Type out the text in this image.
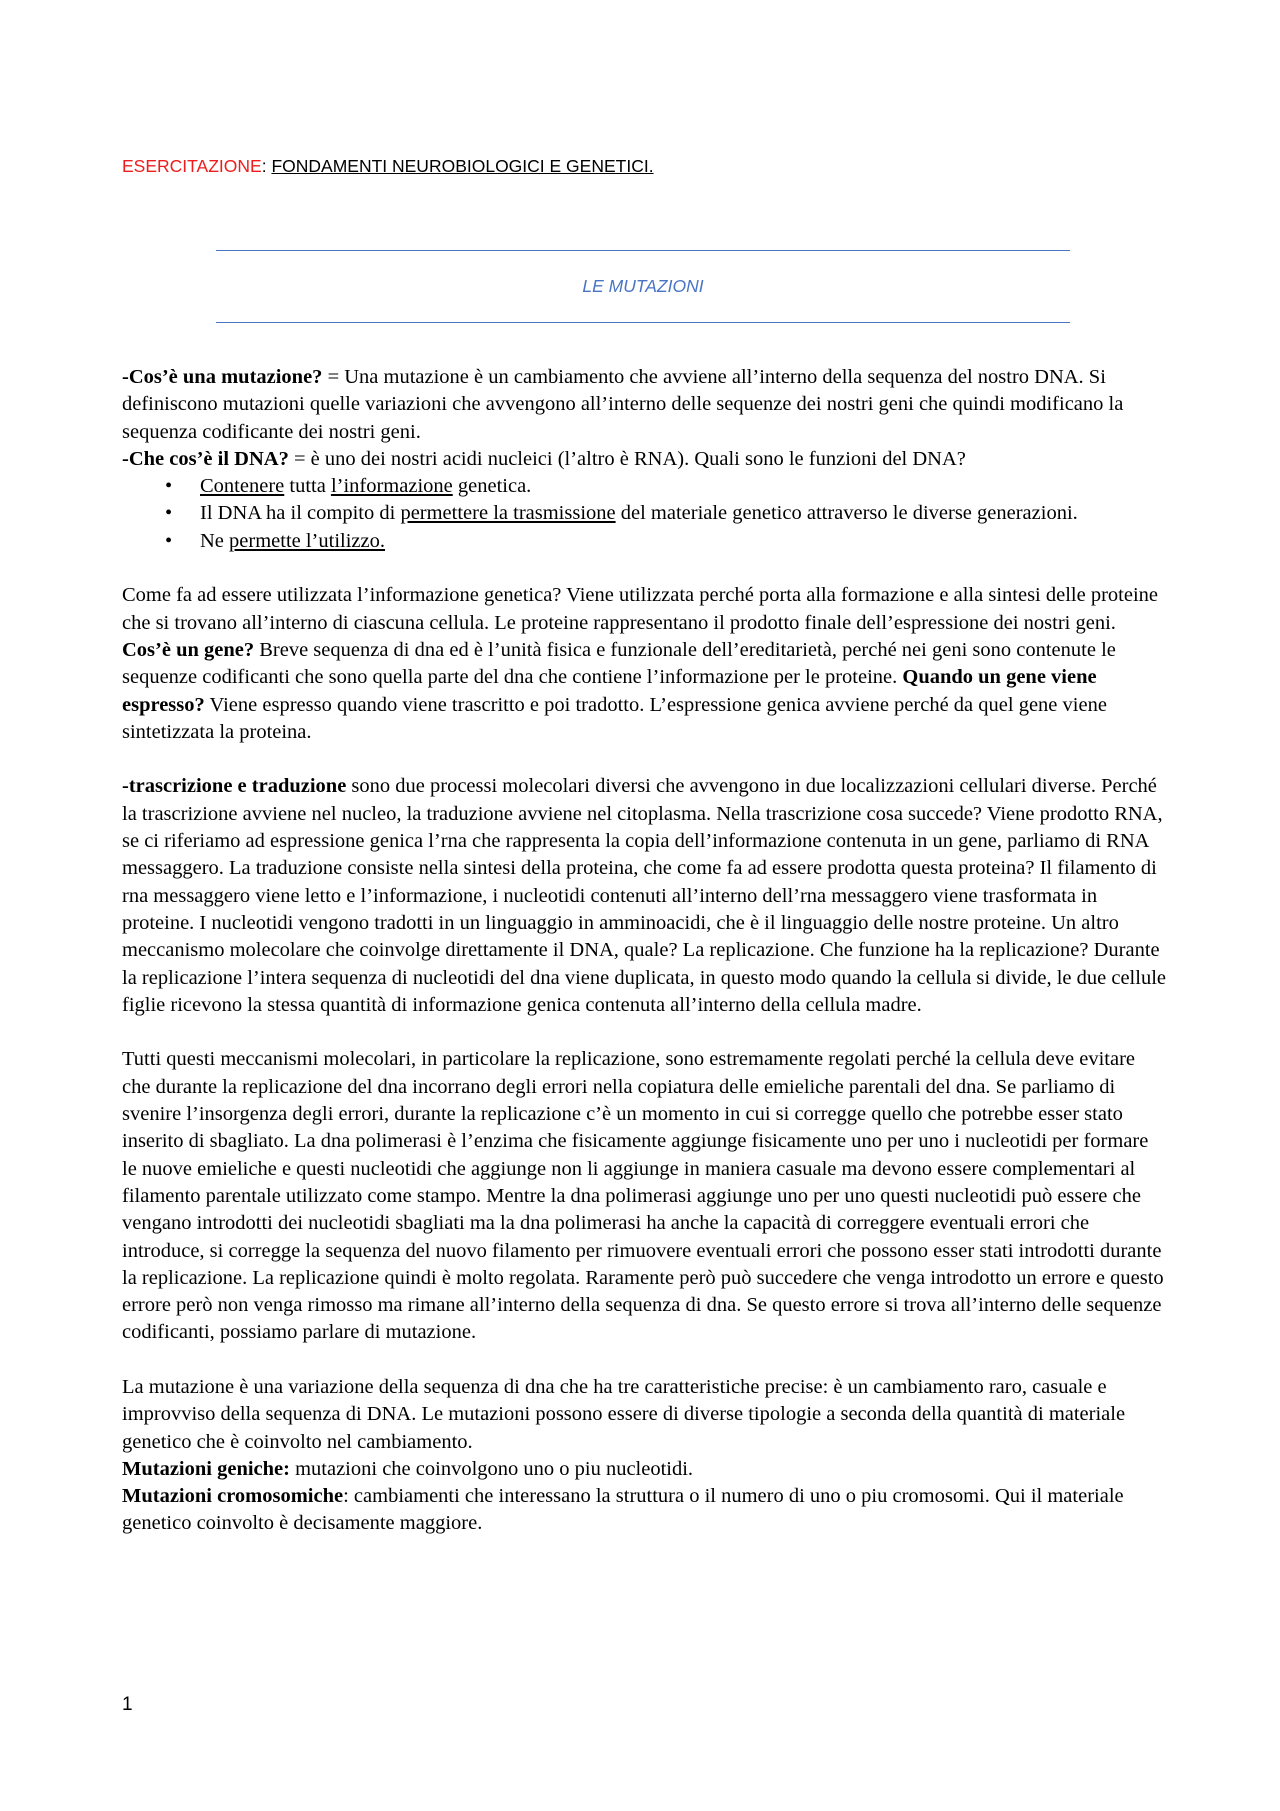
ESERCITAZIONE: FONDAMENTI NEUROBIOLOGICI E GENETICI.
LE MUTAZIONI

-Cos’è una mutazione? = Una mutazione è un cambiamento che avviene all’interno della sequenza del nostro DNA. Si definiscono mutazioni quelle variazioni che avvengono all’interno delle sequenze dei nostri geni che quindi modificano la sequenza codificante dei nostri geni.

-Che cos’è il DNA? = è uno dei nostri acidi nucleici (l’altro è RNA). Quali sono le funzioni del DNA?

• Contenere tutta l’informazione genetica.
• Il DNA ha il compito di permettere la trasmissione del materiale genetico attraverso le diverse generazioni.
• Ne permette l’utilizzo.

Come fa ad essere utilizzata l’informazione genetica? Viene utilizzata perché porta alla formazione e alla sintesi delle proteine che si trovano all’interno di ciascuna cellula. Le proteine rappresentano il prodotto finale dell’espressione dei nostri geni. Cos’è un gene? Breve sequenza di dna ed è l’unità fisica e funzionale dell’ereditarietà, perché nei geni sono contenute le sequenze codificanti che sono quella parte del dna che contiene l’informazione per le proteine. Quando un gene viene espresso? Viene espresso quando viene trascritto e poi tradotto. L’espressione genica avviene perché da quel gene viene sintetizzata la proteina.

-trascrizione e traduzione sono due processi molecolari diversi che avvengono in due localizzazioni cellulari diverse. Perché la trascrizione avviene nel nucleo, la traduzione avviene nel citoplasma. Nella trascrizione cosa succede? Viene prodotto RNA, se ci riferiamo ad espressione genica l’rna che rappresenta la copia dell’informazione contenuta in un gene, parliamo di RNA messaggero. La traduzione consiste nella sintesi della proteina, che come fa ad essere prodotta questa proteina? Il filamento di rna messaggero viene letto e l’informazione, i nucleotidi contenuti all’interno dell’rna messaggero viene trasformata in proteine. I nucleotidi vengono tradotti in un linguaggio in amminoacidi, che è il linguaggio delle nostre proteine. Un altro meccanismo molecolare che coinvolge direttamente il DNA, quale? La replicazione. Che funzione ha la replicazione? Durante la replicazione l’intera sequenza di nucleotidi del dna viene duplicata, in questo modo quando la cellula si divide, le due cellule figlie ricevono la stessa quantità di informazione genica contenuta all’interno della cellula madre.

Tutti questi meccanismi molecolari, in particolare la replicazione, sono estremamente regolati perché la cellula deve evitare che durante la replicazione del dna incorrano degli errori nella copiatura delle emieliche parentali del dna. Se parliamo di svenire l’insorgenza degli errori, durante la replicazione c’è un momento in cui si corregge quello che potrebbe esser stato inserito di sbagliato. La dna polimerasi è l’enzima che fisicamente aggiunge fisicamente uno per uno i nucleotidi per formare le nuove emieliche e questi nucleotidi che aggiunge non li aggiunge in maniera casuale ma devono essere complementari al filamento parentale utilizzato come stampo. Mentre la dna polimerasi aggiunge uno per uno questi nucleotidi può essere che vengano introdotti dei nucleotidi sbagliati ma la dna polimerasi ha anche la capacità di correggere eventuali errori che introduce, si corregge la sequenza del nuovo filamento per rimuovere eventuali errori che possono esser stati introdotti durante la replicazione. La replicazione quindi è molto regolata. Raramente però può succedere che venga introdotto un errore e questo errore però non venga rimosso ma rimane all’interno della sequenza di dna. Se questo errore si trova all’interno delle sequenze codificanti, possiamo parlare di mutazione.

La mutazione è una variazione della sequenza di dna che ha tre caratteristiche precise: è un cambiamento raro, casuale e improvviso della sequenza di DNA. Le mutazioni possono essere di diverse tipologie a seconda della quantità di materiale genetico che è coinvolto nel cambiamento.

Mutazioni geniche: mutazioni che coinvolgono uno o piu nucleotidi.

Mutazioni cromosomiche: cambiamenti che interessano la struttura o il numero di uno o piu cromosomi. Qui il materiale genetico coinvolto è decisamente maggiore.

1
